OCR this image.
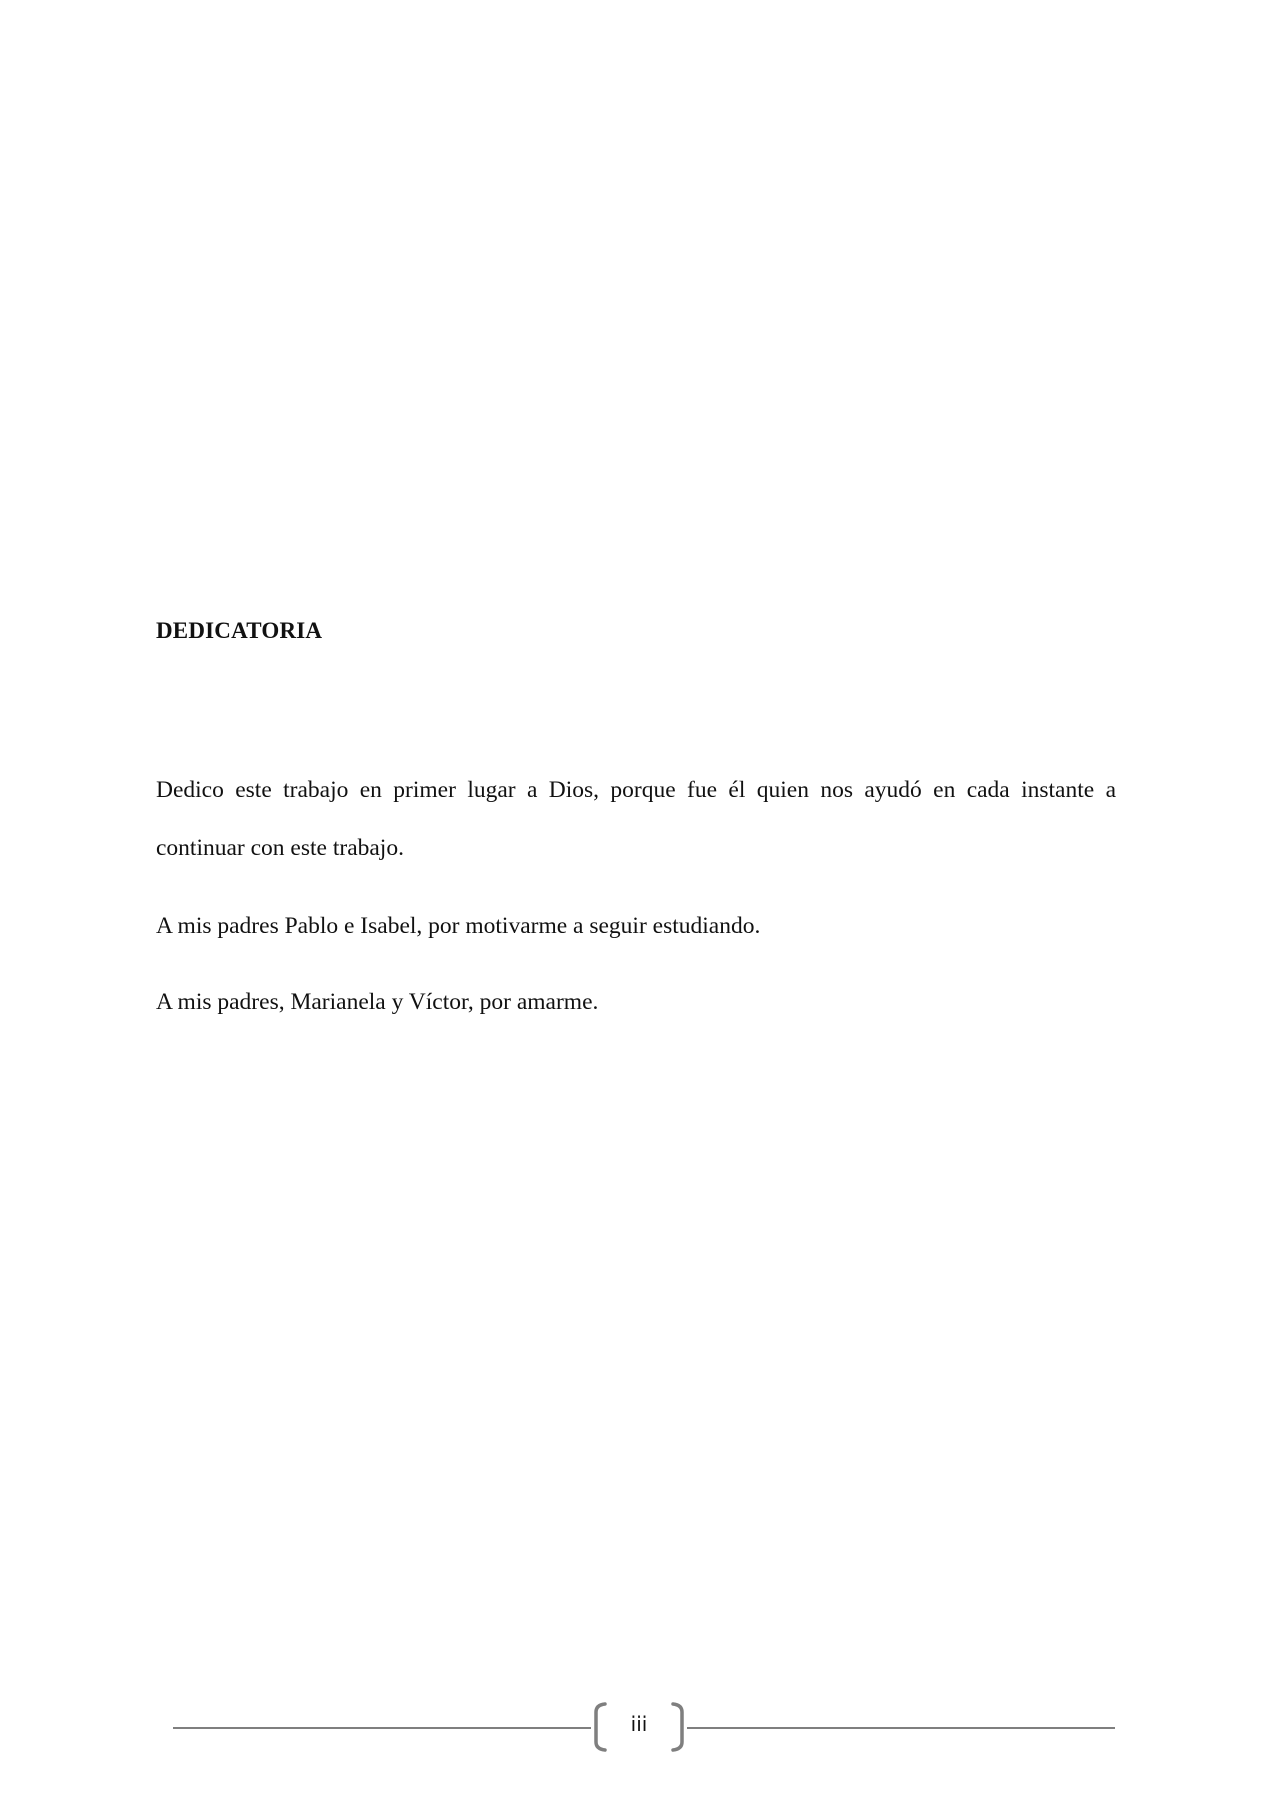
DEDICATORIA

Dedico este trabajo en primer lugar a Dios, porque fue él quien nos ayudó en cada instante a continuar con este trabajo.

A mis padres Pablo e Isabel, por motivarme a seguir estudiando.

A mis padres, Marianela y Víctor, por amarme.

iii
